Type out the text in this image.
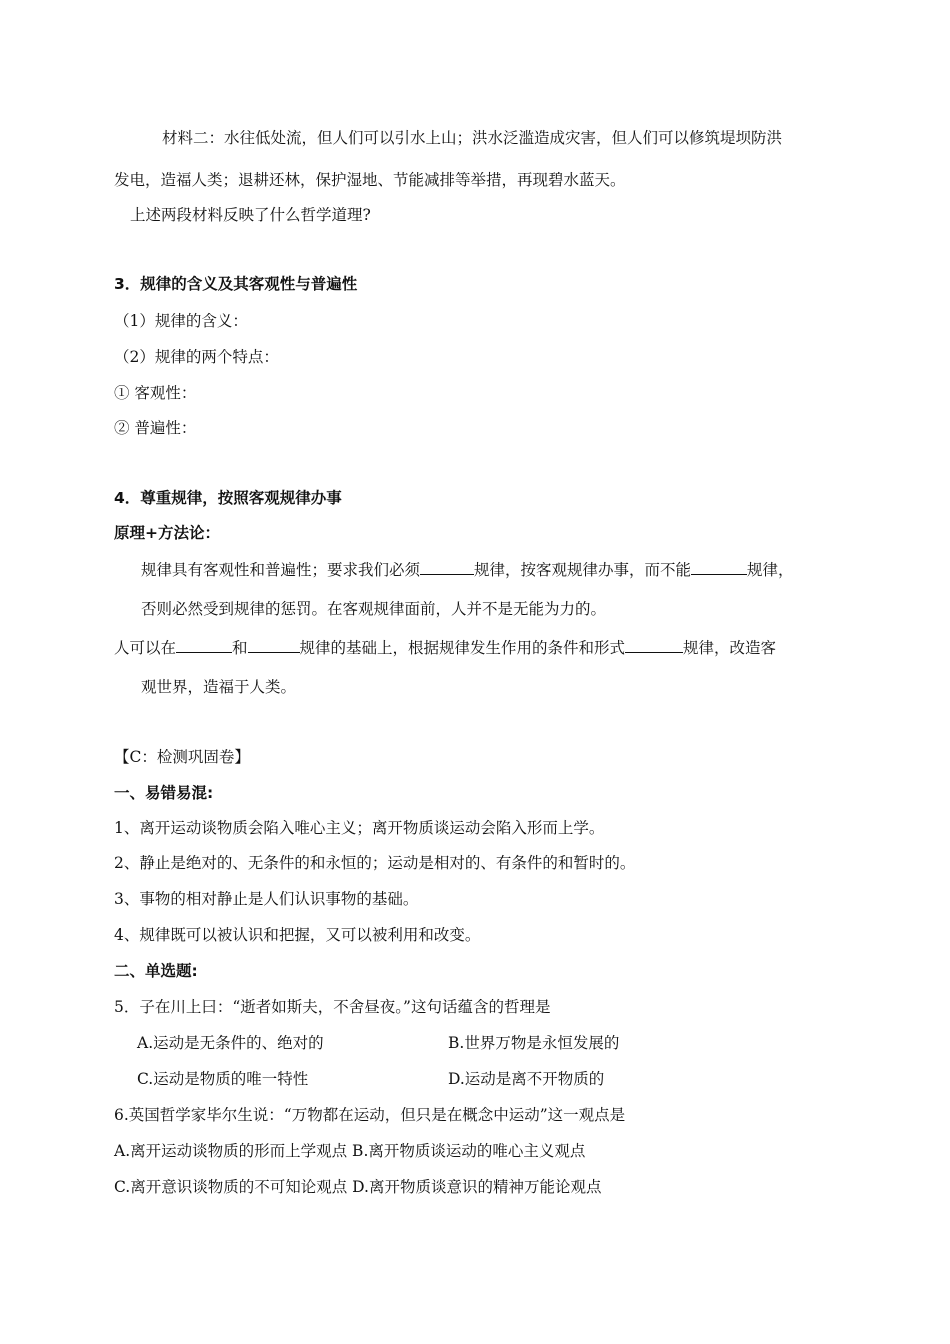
材料二：水往低处流，但人们可以引水上山；洪水泛滥造成灾害，但人们可以修筑堤坝防洪
发电，造福人类；退耕还林，保护湿地、节能减排等举措，再现碧水蓝天。
上述两段材料反映了什么哲学道理?
3．规律的含义及其客观性与普遍性
（1）规律的含义：
（2）规律的两个特点：
① 客观性：
② 普遍性：
4．尊重规律，按照客观规律办事
原理+方法论：
规律具有客观性和普遍性；要求我们必须	规律，按客观规律办事，而不能	规律，
否则必然受到规律的惩罚。在客观规律面前，人并不是无能为力的。
人可以在	和	规律的基础上，根据规律发生作用的条件和形式	规律，改造客
观世界，造福于人类。
【C：检测巩固卷】
一、易错易混:
1、离开运动谈物质会陷入唯心主义；离开物质谈运动会陷入形而上学。
2、静止是绝对的、无条件的和永恒的；运动是相对的、有条件的和暂时的。
3、事物的相对静止是人们认识事物的基础。
4、规律既可以被认识和把握，又可以被利用和改变。
二、单选题:
5．子在川上曰：“逝者如斯夫，不舍昼夜。”这句话蕴含的哲理是
A.运动是无条件的、绝对的	B.世界万物是永恒发展的
C.运动是物质的唯一特性	D.运动是离不开物质的
6.英国哲学家毕尔生说：“万物都在运动，但只是在概念中运动”这一观点是
A.离开运动谈物质的形而上学观点 B.离开物质谈运动的唯心主义观点
C.离开意识谈物质的不可知论观点 D.离开物质谈意识的精神万能论观点
